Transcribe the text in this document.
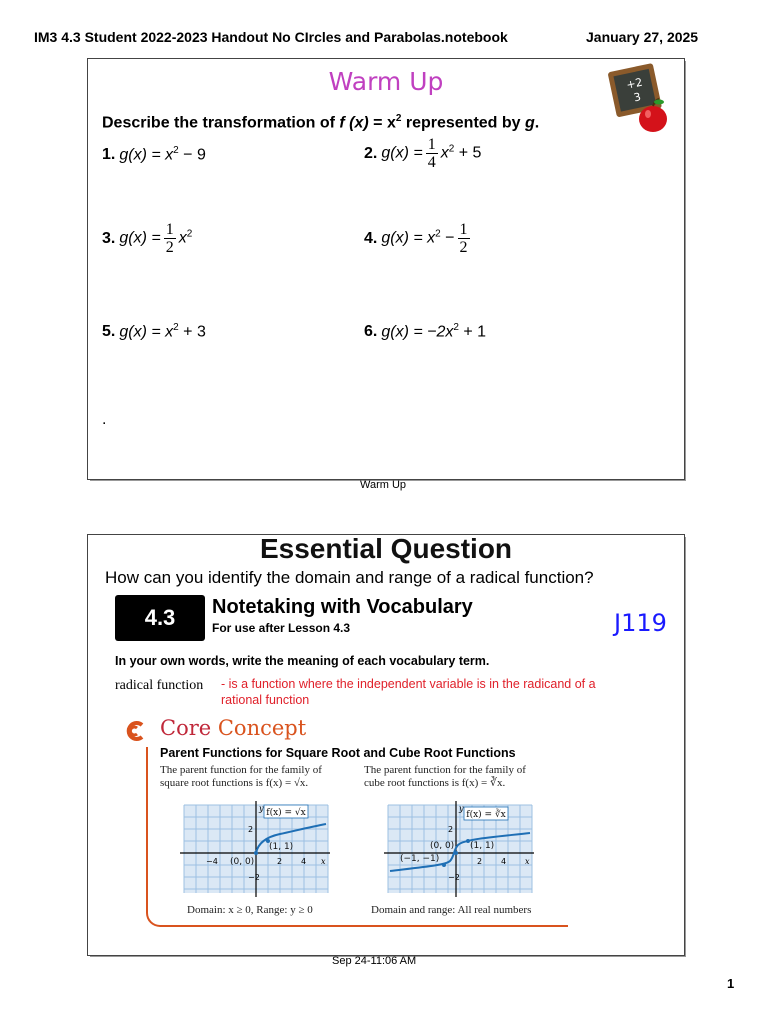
IM3 4.3 Student 2022-2023 Handout No CIrcles and Parabolas.notebook	January 27, 2025
Warm Up	+2
3
Describe the transformation of f $(x) = x^2$ represented by g.
1. $g(x) = x^2 - 9$	2. $g(x) = \frac{1}{4} x^2 + 5$
3. $g(x) = \frac{1}{2} x^2$	4. $g(x) = x^2 - \frac{1}{2}$
5. $g(x) = x^2 + 3$	6. $g(x) = -2x^2 + 1$
.
Warm Up
Essential Question
How can you identify the domain and range of a radical function?
4.3	Notetaking with Vocabulary
For use after Lesson 4.3	J119
In your own words, write the meaning of each vocabulary term.
radical function - is a function where the independent variable is in the radicand of a rational function
Core Concept
Parent Functions for Square Root and Cube Root Functions
The parent function for the family of
square root functions is f(x) = √x.
The parent function for the family of
cube root functions is f(x) = ∛x.
f(x) = √x
(1, 1)
(0, 0)
−4	2 4
2
−2
x
y
f(x) = ∛x
(0, 0) (1, 1)
(−1, −1)	2 4
2
−2
x
y
Domain: x ≥ 0, Range: y ≥ 0	Domain and range: All real numbers
Sep 24-11:06 AM
1
